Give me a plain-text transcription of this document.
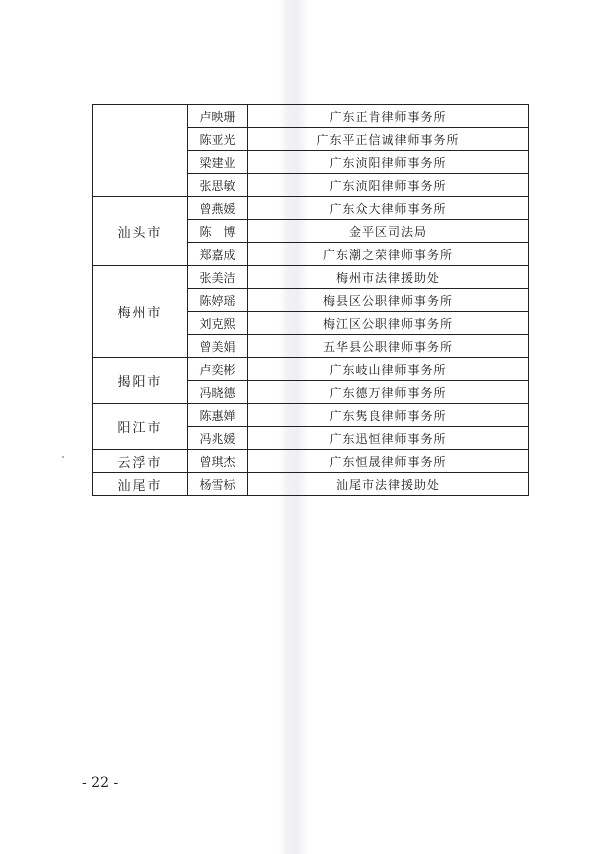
	卢映珊	广东正肯律师事务所
	陈亚光	广东平正信诚律师事务所
	梁建业	广东浈阳律师事务所
	张思敏	广东浈阳律师事务所
汕头市	曾燕媛	广东众大律师事务所
	陈　博	金平区司法局
	郑嘉成	广东潮之荣律师事务所
梅州市	张美洁	梅州市法律援助处
	陈婷瑶	梅县区公职律师事务所
	刘克熙	梅江区公职律师事务所
	曾美娟	五华县公职律师事务所
揭阳市	卢奕彬	广东岐山律师事务所
	冯晓德	广东德万律师事务所
阳江市	陈惠婵	广东隽良律师事务所
	冯兆媛	广东迅恒律师事务所
云浮市	曾琪杰	广东恒晟律师事务所
汕尾市	杨雪标	汕尾市法律援助处
- 22 -
